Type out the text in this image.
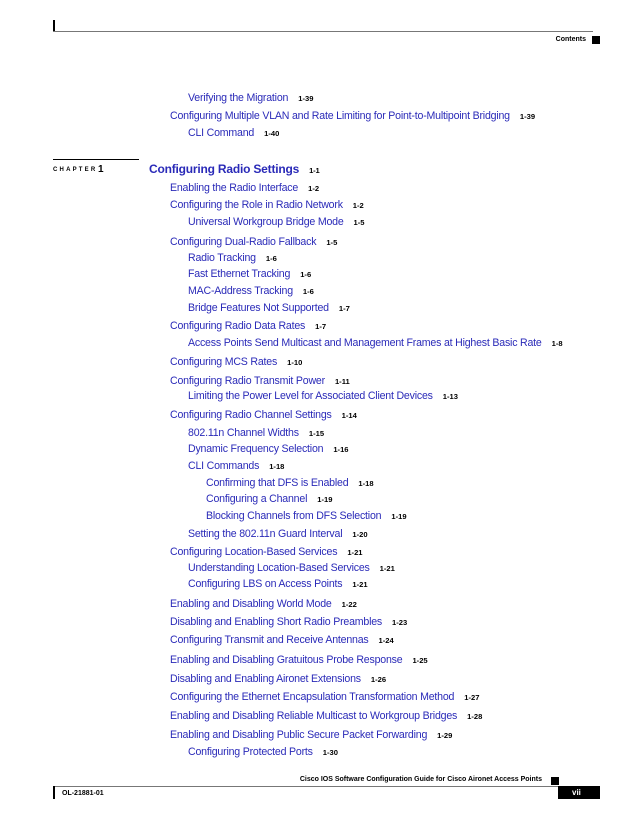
Contents
Verifying the Migration 1-39
Configuring Multiple VLAN and Rate Limiting for Point-to-Multipoint Bridging 1-39
CLI Command 1-40
CHAPTER 1	Configuring Radio Settings 1-1
Enabling the Radio Interface 1-2
Configuring the Role in Radio Network 1-2
Universal Workgroup Bridge Mode 1-5
Configuring Dual-Radio Fallback 1-5
Radio Tracking 1-6
Fast Ethernet Tracking 1-6
MAC-Address Tracking 1-6
Bridge Features Not Supported 1-7
Configuring Radio Data Rates 1-7
Access Points Send Multicast and Management Frames at Highest Basic Rate 1-8
Configuring MCS Rates 1-10
Configuring Radio Transmit Power 1-11
Limiting the Power Level for Associated Client Devices 1-13
Configuring Radio Channel Settings 1-14
802.11n Channel Widths 1-15
Dynamic Frequency Selection 1-16
CLI Commands 1-18
Confirming that DFS is Enabled 1-18
Configuring a Channel 1-19
Blocking Channels from DFS Selection 1-19
Setting the 802.11n Guard Interval 1-20
Configuring Location-Based Services 1-21
Understanding Location-Based Services 1-21
Configuring LBS on Access Points 1-21
Enabling and Disabling World Mode 1-22
Disabling and Enabling Short Radio Preambles 1-23
Configuring Transmit and Receive Antennas 1-24
Enabling and Disabling Gratuitous Probe Response 1-25
Disabling and Enabling Aironet Extensions 1-26
Configuring the Ethernet Encapsulation Transformation Method 1-27
Enabling and Disabling Reliable Multicast to Workgroup Bridges 1-28
Enabling and Disabling Public Secure Packet Forwarding 1-29
Configuring Protected Ports 1-30
Cisco IOS Software Configuration Guide for Cisco Aironet Access Points
OL-21881-01	vii
